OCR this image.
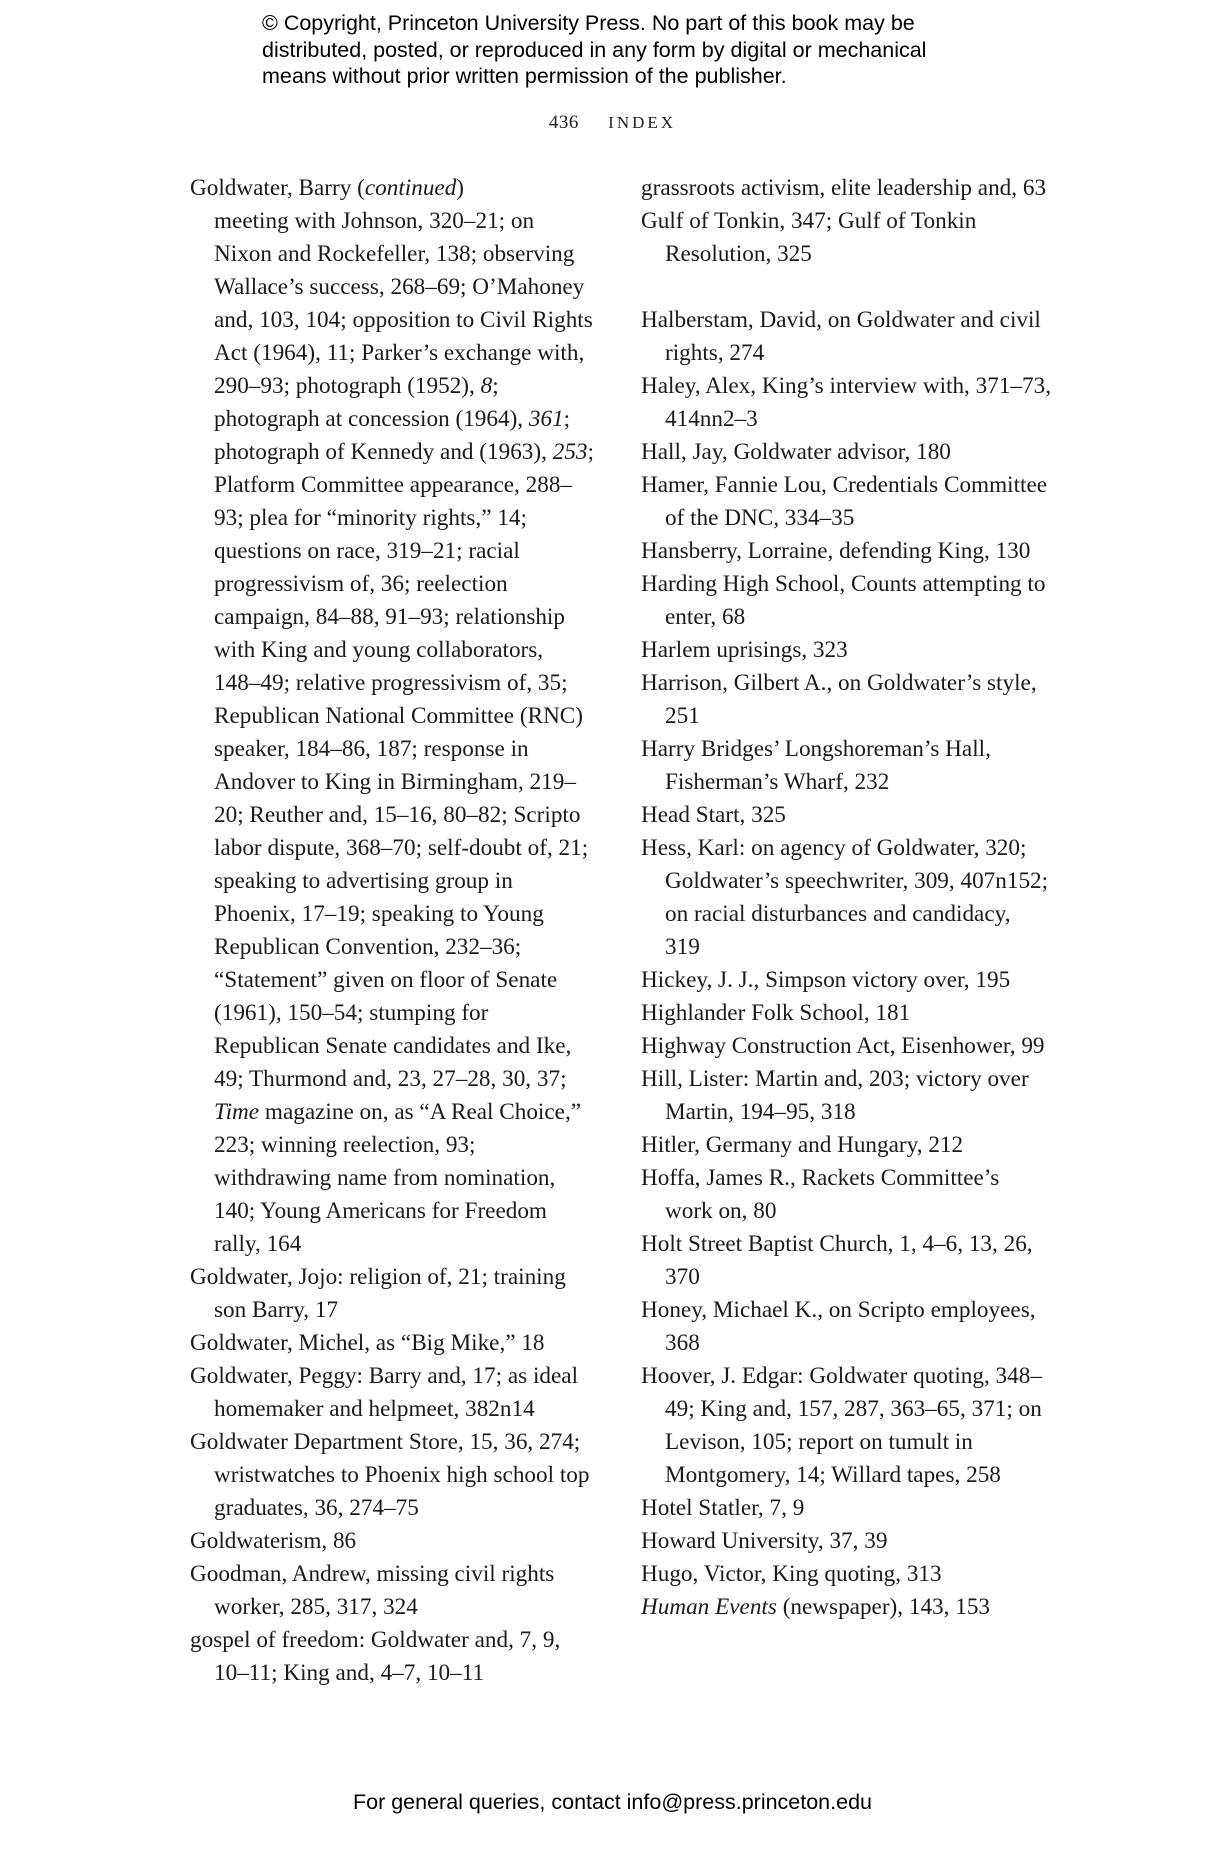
© Copyright, Princeton University Press. No part of this book may be
distributed, posted, or reproduced in any form by digital or mechanical
means without prior written permission of the publisher.
436 INDEX

Goldwater, Barry (continued)

meeting with Johnson, 320–21; on Nixon and Rockefeller, 138; observing Wallace’s success, 268–69; O’Mahoney and, 103, 104; opposition to Civil Rights Act (1964), 11; Parker’s exchange with, 290–93; photograph (1952), 8; photograph at concession (1964), 361; photograph of Kennedy and (1963), 253; Platform Committee appearance, 288–93; plea for “minority rights,” 14; questions on race, 319–21; racial progressivism of, 36; reelection campaign, 84–88, 91–93; relationship with King and young collaborators, 148–49; relative progressivism of, 35; Republican National Committee (RNC) speaker, 184–86, 187; response in Andover to King in Birmingham, 219–20; Reuther and, 15–16, 80–82; Scripto labor dispute, 368–70; self-doubt of, 21; speaking to advertising group in Phoenix, 17–19; speaking to Young Republican Convention, 232–36; “Statement” given on floor of Senate (1961), 150–54; stumping for Republican Senate candidates and Ike, 49; Thurmond and, 23, 27–28, 30, 37; Time magazine on, as “A Real Choice,” 223; winning reelection, 93; withdrawing name from nomination, 140; Young Americans for Freedom rally, 164

Goldwater, Jojo: religion of, 21; training son Barry, 17

Goldwater, Michel, as “Big Mike,” 18

Goldwater, Peggy: Barry and, 17; as ideal homemaker and helpmeet, 382n14

Goldwater Department Store, 15, 36, 274; wristwatches to Phoenix high school top graduates, 36, 274–75

Goldwaterism, 86

Goodman, Andrew, missing civil rights worker, 285, 317, 324

gospel of freedom: Goldwater and, 7, 9, 10–11; King and, 4–7, 10–11

grassroots activism, elite leadership and, 63

Gulf of Tonkin, 347; Gulf of Tonkin Resolution, 325

Halberstam, David, on Goldwater and civil rights, 274

Haley, Alex, King’s interview with, 371–73, 414nn2–3

Hall, Jay, Goldwater advisor, 180

Hamer, Fannie Lou, Credentials Committee of the DNC, 334–35

Hansberry, Lorraine, defending King, 130

Harding High School, Counts attempting to enter, 68

Harlem uprisings, 323

Harrison, Gilbert A., on Goldwater’s style, 251

Harry Bridges’ Longshoreman’s Hall, Fisherman’s Wharf, 232

Head Start, 325

Hess, Karl: on agency of Goldwater, 320; Goldwater’s speechwriter, 309, 407n152; on racial disturbances and candidacy, 319

Hickey, J. J., Simpson victory over, 195

Highlander Folk School, 181

Highway Construction Act, Eisenhower, 99

Hill, Lister: Martin and, 203; victory over Martin, 194–95, 318

Hitler, Germany and Hungary, 212

Hoffa, James R., Rackets Committee’s work on, 80

Holt Street Baptist Church, 1, 4–6, 13, 26, 370

Honey, Michael K., on Scripto employees, 368

Hoover, J. Edgar: Goldwater quoting, 348–49; King and, 157, 287, 363–65, 371; on Levison, 105; report on tumult in Montgomery, 14; Willard tapes, 258

Hotel Statler, 7, 9

Howard University, 37, 39

Hugo, Victor, King quoting, 313

Human Events (newspaper), 143, 153

For general queries, contact info@press.princeton.edu
